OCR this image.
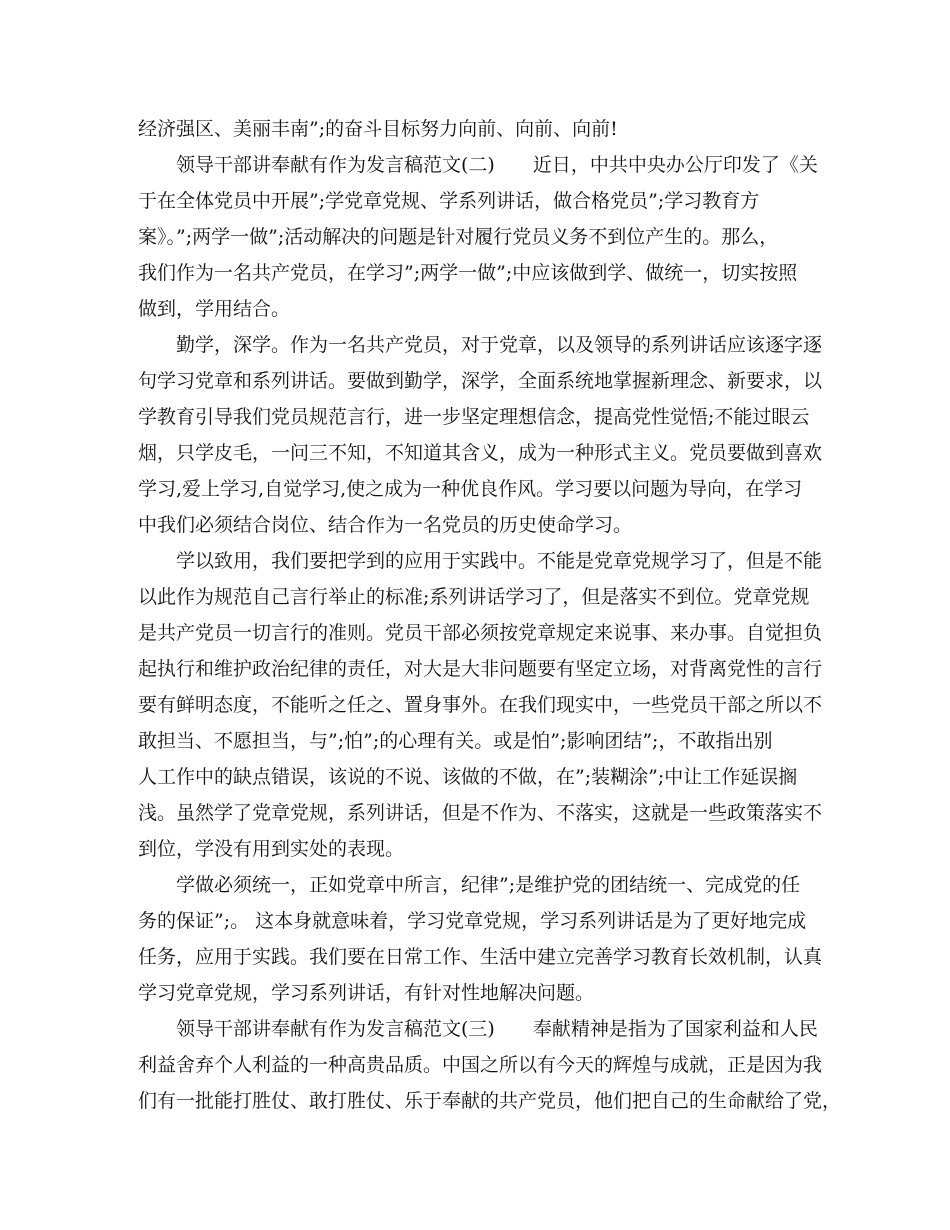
经济强区、美丽丰南”;的奋斗目标努力向前、向前、向前!
　　领导干部讲奉献有作为发言稿范文(二)　　近日，中共中央办公厅印发了《关
于在全体党员中开展”;学党章党规、学系列讲话，做合格党员”;学习教育方
案》。”;两学一做”;活动解决的问题是针对履行党员义务不到位产生的。那么，
我们作为一名共产党员，在学习”;两学一做”;中应该做到学、做统一，切实按照
做到，学用结合。
　　勤学，深学。作为一名共产党员，对于党章，以及领导的系列讲话应该逐字逐
句学习党章和系列讲话。要做到勤学，深学，全面系统地掌握新理念、新要求，以
学教育引导我们党员规范言行，进一步坚定理想信念，提高党性觉悟;不能过眼云
烟，只学皮毛，一问三不知，不知道其含义，成为一种形式主义。党员要做到喜欢
学习,爱上学习,自觉学习,使之成为一种优良作风。学习要以问题为导向，在学习
中我们必须结合岗位、结合作为一名党员的历史使命学习。
　　学以致用，我们要把学到的应用于实践中。不能是党章党规学习了，但是不能
以此作为规范自己言行举止的标准;系列讲话学习了，但是落实不到位。党章党规
是共产党员一切言行的准则。党员干部必须按党章规定来说事、来办事。自觉担负
起执行和维护政治纪律的责任，对大是大非问题要有坚定立场，对背离党性的言行
要有鲜明态度，不能听之任之、置身事外。在我们现实中，一些党员干部之所以不
敢担当、不愿担当，与”;怕”;的心理有关。或是怕”;影响团结”;，不敢指出别
人工作中的缺点错误，该说的不说、该做的不做，在”;装糊涂”;中让工作延误搁
浅。虽然学了党章党规，系列讲话，但是不作为、不落实，这就是一些政策落实不
到位，学没有用到实处的表现。
　　学做必须统一，正如党章中所言，纪律”;是维护党的团结统一、完成党的任
务的保证”;。 这本身就意味着，学习党章党规，学习系列讲话是为了更好地完成
任务，应用于实践。我们要在日常工作、生活中建立完善学习教育长效机制，认真
学习党章党规，学习系列讲话，有针对性地解决问题。
　　领导干部讲奉献有作为发言稿范文(三)　　奉献精神是指为了国家利益和人民
利益舍弃个人利益的一种高贵品质。中国之所以有今天的辉煌与成就，正是因为我
们有一批能打胜仗、敢打胜仗、乐于奉献的共产党员，他们把自己的生命献给了党，
